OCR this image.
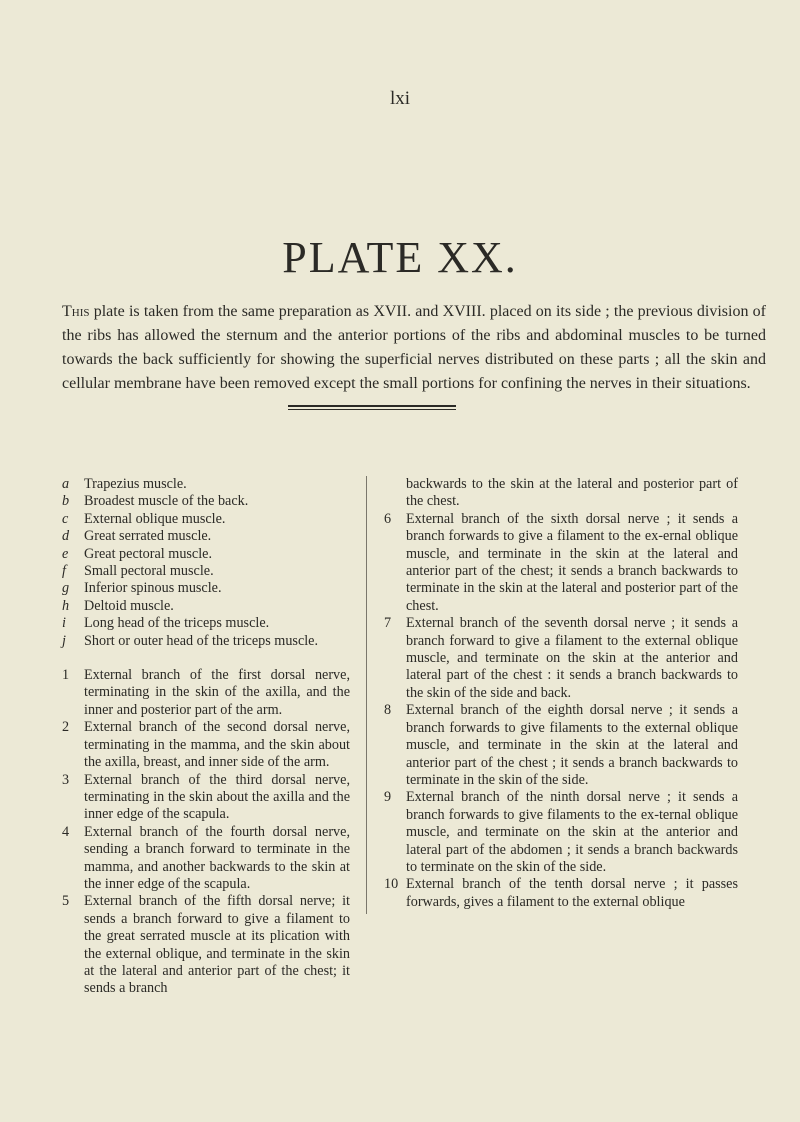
lxi
PLATE XX.
This plate is taken from the same preparation as XVII. and XVIII. placed on its side ; the previous division of the ribs has allowed the sternum and the anterior portions of the ribs and abdominal muscles to be turned towards the back sufficiently for showing the superficial nerves distributed on these parts ; all the skin and cellular membrane have been removed except the small portions for confining the nerves in their situations.
a Trapezius muscle.
b Broadest muscle of the back.
c External oblique muscle.
d Great serrated muscle.
e Great pectoral muscle.
f Small pectoral muscle.
g Inferior spinous muscle.
h Deltoid muscle.
i Long head of the triceps muscle.
j Short or outer head of the triceps muscle.
1 External branch of the first dorsal nerve, terminating in the skin of the axilla, and the inner and posterior part of the arm.
2 External branch of the second dorsal nerve, terminating in the mamma, and the skin about the axilla, breast, and inner side of the arm.
3 External branch of the third dorsal nerve, terminating in the skin about the axilla and the inner edge of the scapula.
4 External branch of the fourth dorsal nerve, sending a branch forward to terminate in the mamma, and another backwards to the skin at the inner edge of the scapula.
5 External branch of the fifth dorsal nerve; it sends a branch forward to give a filament to the great serrated muscle at its plication with the external oblique, and terminate in the skin at the lateral and anterior part of the chest; it sends a branch
backwards to the skin at the lateral and posterior part of the chest.
6 External branch of the sixth dorsal nerve ; it sends a branch forwards to give a filament to the ex-ernal oblique muscle, and terminate in the skin at the lateral and anterior part of the chest; it sends a branch backwards to terminate in the skin at the lateral and posterior part of the chest.
7 External branch of the seventh dorsal nerve ; it sends a branch forward to give a filament to the external oblique muscle, and terminate on the skin at the anterior and lateral part of the chest : it sends a branch backwards to the skin of the side and back.
8 External branch of the eighth dorsal nerve ; it sends a branch forwards to give filaments to the external oblique muscle, and terminate in the skin at the lateral and anterior part of the chest ; it sends a branch backwards to terminate in the skin of the side.
9 External branch of the ninth dorsal nerve ; it sends a branch forwards to give filaments to the ex-ternal oblique muscle, and terminate on the skin at the anterior and lateral part of the abdomen ; it sends a branch backwards to terminate on the skin of the side.
10 External branch of the tenth dorsal nerve ; it passes forwards, gives a filament to the external oblique
